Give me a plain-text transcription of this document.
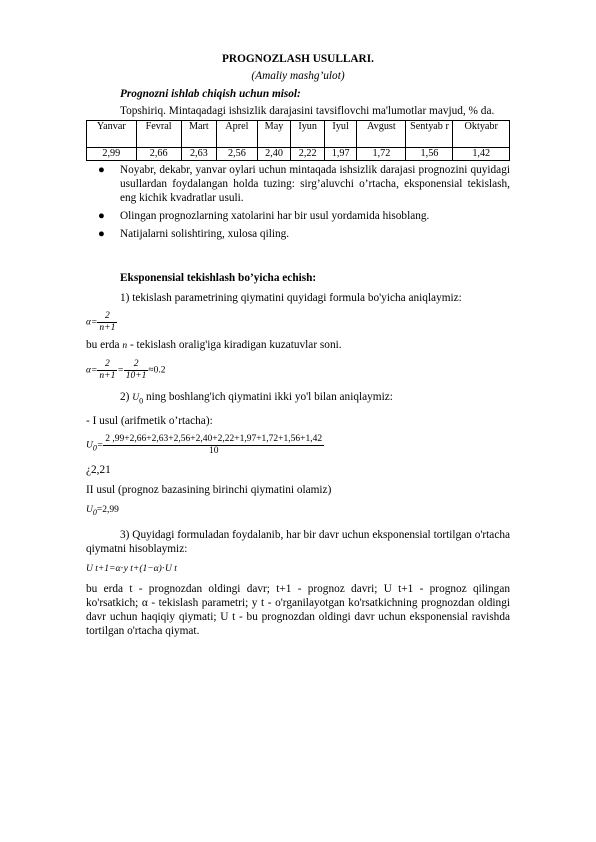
PROGNOZLASH USULLARI.

(Amaliy mashg’ulot)

Prognozni ishlab chiqish uchun misol:

Topshiriq. Mintaqadagi ishsizlik darajasini tavsiflovchi ma'lumotlar mavjud, % da.

Yanvar	Fevral	Mart	Aprel	May	Iyun	Iyul	Avgust	Sentyab r	Oktyabr
2,99	2,66	2,63	2,56	2,40	2,22	1,97	1,72	1,56	1,42
● Noyabr, dekabr, yanvar oylari uchun mintaqada ishsizlik darajasi prognozini quyidagi usullardan foydalangan holda tuzing: sirg’aluvchi o’rtacha, eksponensial tekislash, eng kichik kvadratlar usuli.
● Olingan prognozlarning xatolarini har bir usul yordamida hisoblang.
● Natijalarni solishtiring, xulosa qiling.

Eksponensial tekishlash bo’yicha echish:

1) tekislash parametrining qiymatini quyidagi formula bo'yicha aniqlaymiz:

$\alpha= \frac{2}{n+1}$

bu erda n - tekislash oralig'iga kiradigan kuzatuvlar soni.

$\alpha= \frac{2}{n+1} = \frac{2}{10+1} \approx 0.2$

2) $U_0$ ning boshlang'ich qiymatini ikki yo'l bilan aniqlaymiz:

- I usul (arifmetik o’rtacha):

$U_0= \frac{2 ,99+2,66+2,63+2,56+2,40+2,22+1,97+1,72+1,56+1,42}{10}$

¿2,21

II usul (prognoz bazasining birinchi qiymatini olamiz)

$U_0=2,99$

3) Quyidagi formuladan foydalanib, har bir davr uchun eksponensial tortilgan o'rtacha qiymatni hisoblaymiz:

U t+1=α⋅y t+(1−α)⋅U t

bu erda t - prognozdan oldingi davr; t+1 - prognoz davri; U t+1 - prognoz qilingan ko'rsatkich; α - tekislash parametri; y t - o'rganilayotgan ko'rsatkichning prognozdan oldingi davr uchun haqiqiy qiymati; U t - bu prognozdan oldingi davr uchun eksponensial ravishda tortilgan o'rtacha qiymat.
